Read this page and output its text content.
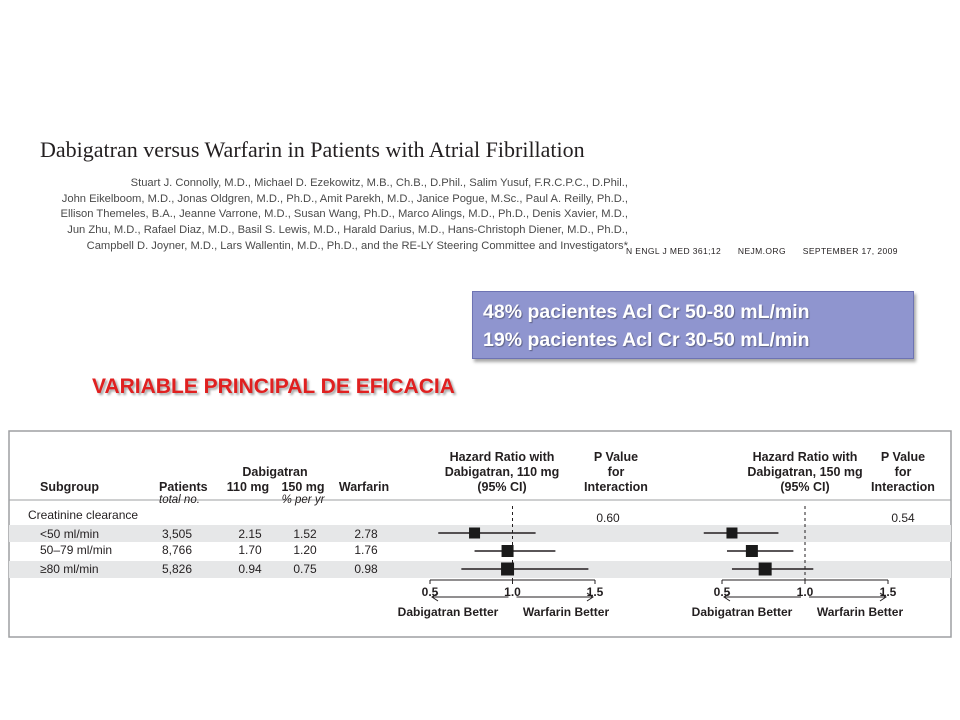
Dabigatran versus Warfarin in Patients with Atrial Fibrillation
Stuart J. Connolly, M.D., Michael D. Ezekowitz, M.B., Ch.B., D.Phil., Salim Yusuf, F.R.C.P.C., D.Phil.,
John Eikelboom, M.D., Jonas Oldgren, M.D., Ph.D., Amit Parekh, M.D., Janice Pogue, M.Sc., Paul A. Reilly, Ph.D.,
Ellison Themeles, B.A., Jeanne Varrone, M.D., Susan Wang, Ph.D., Marco Alings, M.D., Ph.D., Denis Xavier, M.D.,
Jun Zhu, M.D., Rafael Diaz, M.D., Basil S. Lewis, M.D., Harald Darius, M.D., Hans-Christoph Diener, M.D., Ph.D.,
Campbell D. Joyner, M.D., Lars Wallentin, M.D., Ph.D., and the RE-LY Steering Committee and Investigators*
N ENGL J MED 361;12 NEJM.ORG SEPTEMBER 17, 2009
48% pacientes Acl Cr 50-80 mL/min
19% pacientes Acl Cr 30-50 mL/min
VARIABLE PRINCIPAL DE EFICACIA
Subgroup	Patients
Dabigatran
110 mg 150 mg Warfarin
Hazard Ratio with
Dabigatran, 110 mg
(95% CI)
P Value
for
Interaction
Hazard Ratio with
Dabigatran, 150 mg
(95% CI)
P Value
for
Interaction
total no.	% per yr
Creatinine clearance	0.60	0.54
<50 ml/min	3,505	2.15	1.52	2.78
50–79 ml/min	8,766	1.70	1.20	1.76
≥80 ml/min	5,826	0.94	0.75	0.98
0.5	1.0	1.5
Dabigatran Better Warfarin Better
0.5	1.0	1.5
Dabigatran Better Warfarin Better
